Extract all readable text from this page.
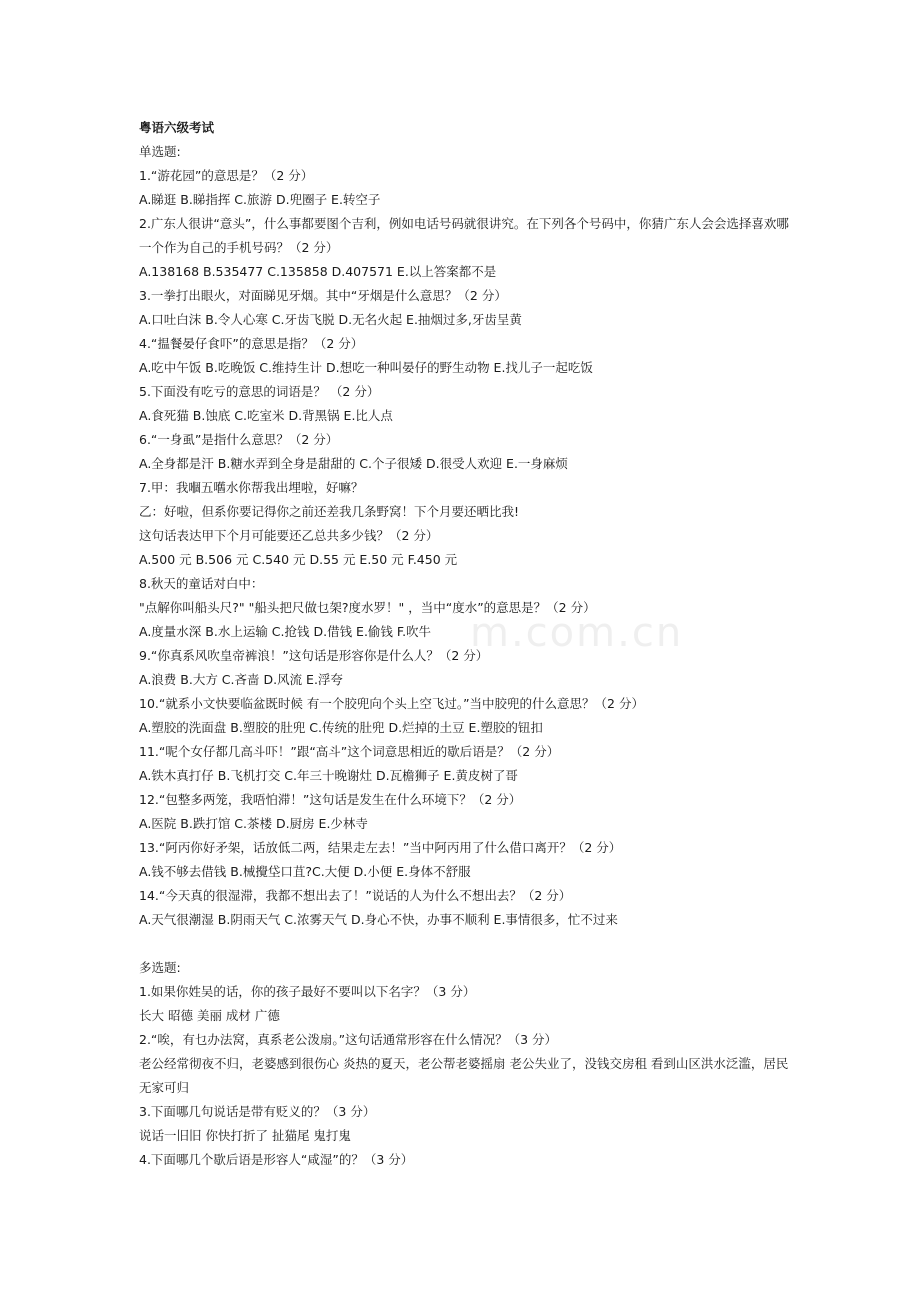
m.com.cn
粤语六级考试
单选题:
1.“游花园”的意思是？（2 分）
A.睇逛 B.睇指挥 C.旅游 D.兜圈子 E.转空子
2.广东人很讲“意头”，什么事都要图个吉利，例如电话号码就很讲究。在下列各个号码中，你猜广东人会会选择喜欢哪一个作为自己的手机号码？（2 分）
A.138168 B.535477 C.135858 D.407571 E.以上答案都不是
3.一拳打出眼火，对面睇见牙烟。其中“牙烟是什么意思？（2 分）
A.口吐白沫 B.令人心寒 C.牙齿飞脱 D.无名火起 E.抽烟过多,牙齿呈黄
4.“揾餐晏仔食吓”的意思是指？（2 分）
A.吃中午饭 B.吃晚饭 C.维持生计 D.想吃一种叫晏仔的野生动物 E.找儿子一起吃饭
5.下面没有吃亏的意思的词语是？ （2 分）
A.食死猫 B.蚀底 C.吃室米 D.背黑锅 E.比人点
6.“一身虱”是指什么意思？（2 分）
A.全身都是汗 B.糖水弄到全身是甜甜的 C.个子很矮 D.很受人欢迎 E.一身麻烦
7.甲：我嗰五嚿水你帮我出埋啦，好嘛？
乙：好啦，但系你要记得你之前还差我几条野窝！下个月要还晒比我!
这句话表达甲下个月可能要还乙总共多少钱？（2 分）
A.500 元 B.506 元 C.540 元 D.55 元 E.50 元 F.450 元
8.秋天的童话对白中：
"点解你叫船头尺?" "船头把尺做乜架?度水罗！" ，当中“度水”的意思是？（2 分）
A.度量水深 B.水上运输 C.抢钱 D.借钱 E.偷钱 F.吹牛
9.“你真系风吹皇帝裤浪！”这句话是形容你是什么人？（2 分）
A.浪费 B.大方 C.吝啬 D.风流 E.浮夸
10.“就系小文快要临盆既时候 有一个胶兜向个头上空飞过。”当中胶兜的什么意思？（2 分）
A.塑胶的洗面盘 B.塑胶的肚兜 C.传统的肚兜 D.烂掉的土豆 E.塑胶的钮扣
11.“呢个女仔都几高斗吓！”跟“高斗”这个词意思相近的歇后语是？（2 分）
A.铁木真打仔 B.飞机打交 C.年三十晚谢灶 D.瓦檐狮子 E.黄皮树了哥
12.“包整多两笼，我唔怕滞！”这句话是发生在什么环境下？（2 分）
A.医院 B.跌打馆 C.茶楼 D.厨房 E.少林寺
13.“阿丙你好矛架，话放低二两，结果走左去！”当中阿丙用了什么借口离开？（2 分）
A.钱不够去借钱 B.械攪垈口苴?C.大便 D.小便 E.身体不舒服
14.“今天真的很湿滞，我都不想出去了！”说话的人为什么不想出去？（2 分）
A.天气很潮湿 B.阴雨天气 C.浓雾天气 D.身心不快，办事不顺利 E.事情很多，忙不过来
多选题:
1.如果你姓吴的话，你的孩子最好不要叫以下名字？（3 分）
长大 昭德 美丽 成材 广德
2.“唉，有乜办法窝，真系老公泼扇。”这句话通常形容在什么情况？（3 分）
老公经常彻夜不归，老婆感到很伤心 炎热的夏天，老公帮老婆摇扇 老公失业了，没钱交房租 看到山区洪水泛滥，居民无家可归
3.下面哪几句说话是带有贬义的？（3 分）
说话一旧旧 你快打折了 扯猫尾 鬼打鬼
4.下面哪几个歇后语是形容人“咸湿”的？（3 分）
